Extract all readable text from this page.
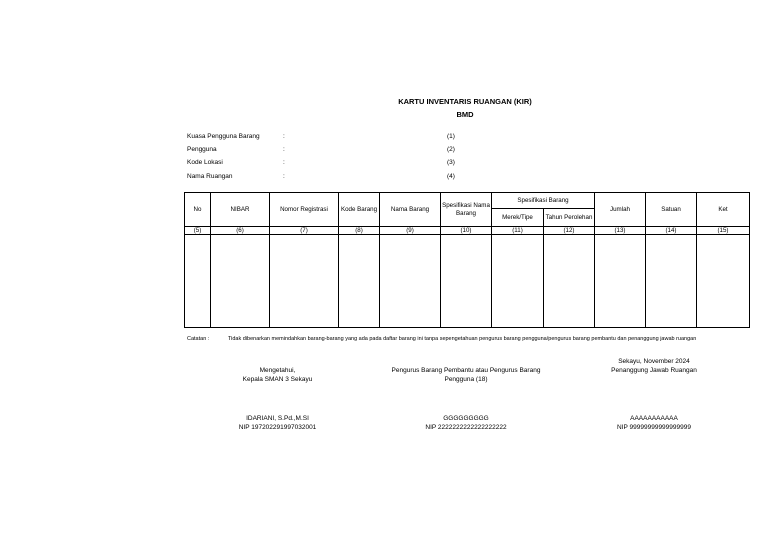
KARTU INVENTARIS RUANGAN (KIR)
BMD
Kuasa Pengguna Barang	:	(1)
Pengguna	:	(2)
Kode Lokasi	:	(3)
Nama Ruangan	:	(4)
No	NIBAR	Nomor Registrasi	Kode Barang	Nama Barang	Spesifikasi Nama Barang	Spesifikasi Barang		Jumlah	Satuan	Ket
						Merek/Tipe	Tahun Perolehan			
(5)	(6)	(7)	(8)	(9)	(10)	(11)	(12)	(13)	(14)	(15)

Catatan :	Tidak dibenarkan memindahkan barang-barang yang ada pada daftar barang ini tanpa sepengetahuan pengurus barang pengguna/pengurus barang pembantu dan penanggung jawab ruangan
Sekayu, November 2024
Mengetahui,
Kepala SMAN 3 Sekayu
IDARIANI, S.Pd.,M.SI
NIP 197202291997032001
Pengurus Barang Pembantu atau Pengurus Barang
Pengguna (18)
GGGGGGGGG
NIP 2222222222222222222
Penanggung Jawab Ruangan
AAAAAAAAAAA
NIP 99999999999999999
